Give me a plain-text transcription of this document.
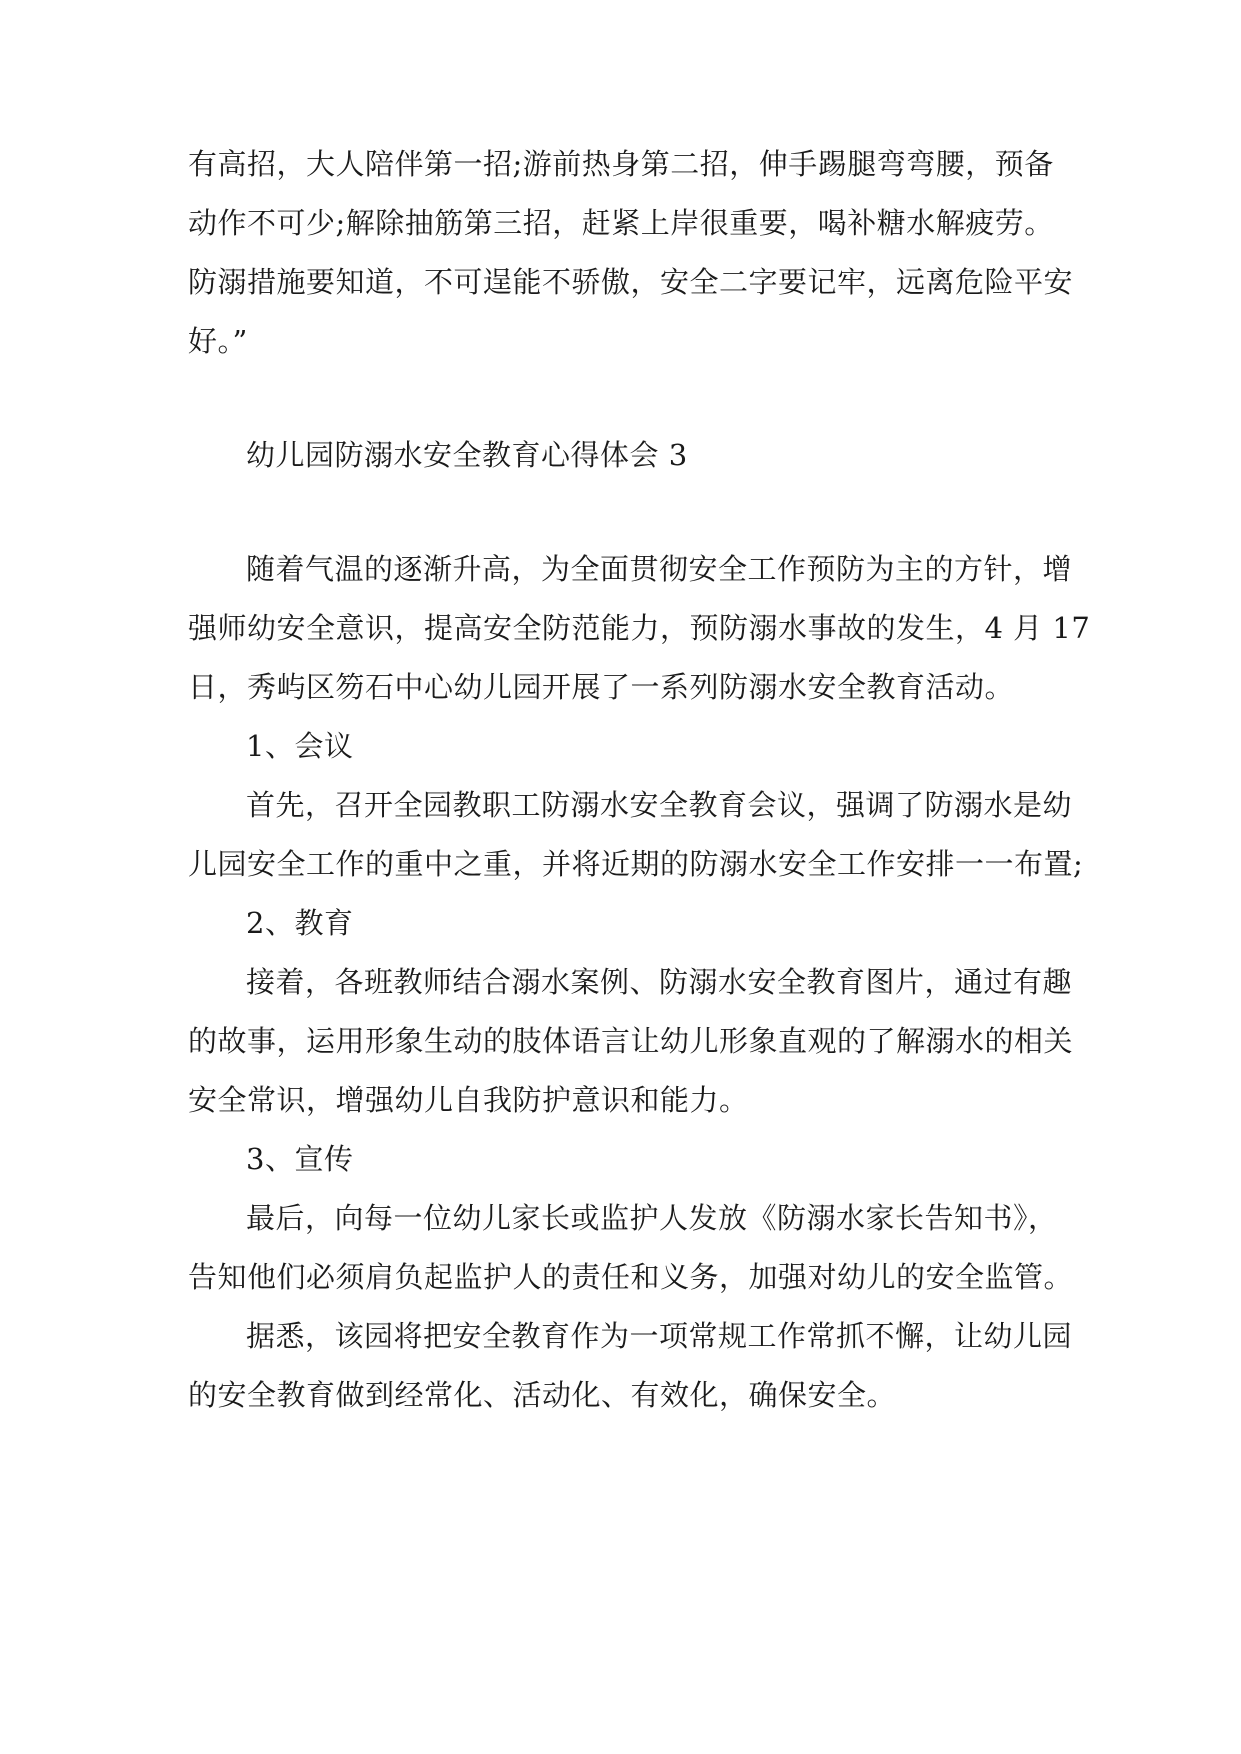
有高招，大人陪伴第一招;游前热身第二招，伸手踢腿弯弯腰，预备
动作不可少;解除抽筋第三招，赶紧上岸很重要，喝补糖水解疲劳。
防溺措施要知道，不可逞能不骄傲，安全二字要记牢，远离危险平安
好。”
幼儿园防溺水安全教育心得体会 3
随着气温的逐渐升高，为全面贯彻安全工作预防为主的方针，增
强师幼安全意识，提高安全防范能力，预防溺水事故的发生，4 月 17
日，秀屿区笏石中心幼儿园开展了一系列防溺水安全教育活动。
1、会议
首先，召开全园教职工防溺水安全教育会议，强调了防溺水是幼
儿园安全工作的重中之重，并将近期的防溺水安全工作安排一一布置;
2、教育
接着，各班教师结合溺水案例、防溺水安全教育图片，通过有趣
的故事，运用形象生动的肢体语言让幼儿形象直观的了解溺水的相关
安全常识，增强幼儿自我防护意识和能力。
3、宣传
最后，向每一位幼儿家长或监护人发放《防溺水家长告知书》，
告知他们必须肩负起监护人的责任和义务，加强对幼儿的安全监管。
据悉，该园将把安全教育作为一项常规工作常抓不懈，让幼儿园
的安全教育做到经常化、活动化、有效化，确保安全。
